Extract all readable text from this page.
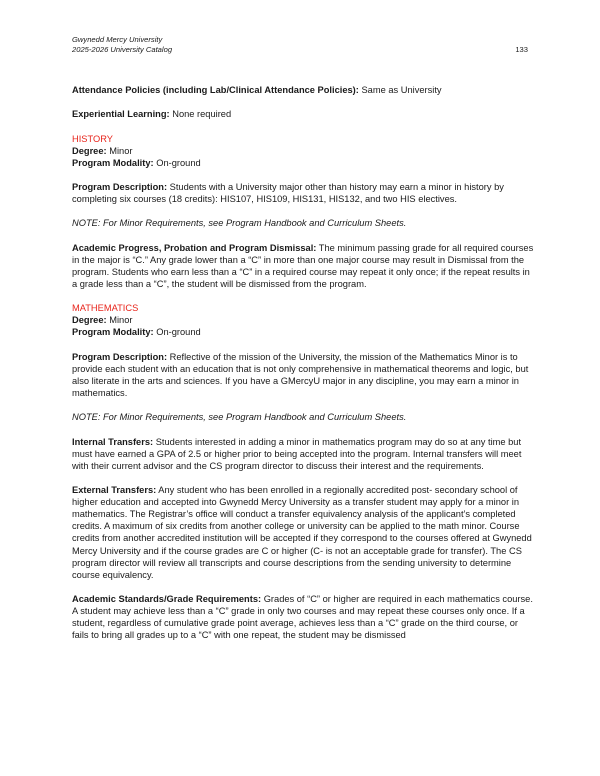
Gwynedd Mercy University
2025-2026 University Catalog	133

Attendance Policies (including Lab/Clinical Attendance Policies): Same as University

Experiential Learning: None required

HISTORY

Degree: Minor

Program Modality: On-ground

Program Description: Students with a University major other than history may earn a minor in history by completing six courses (18 credits): HIS107, HIS109, HIS131, HIS132, and two HIS electives.

NOTE: For Minor Requirements, see Program Handbook and Curriculum Sheets.

Academic Progress, Probation and Program Dismissal: The minimum passing grade for all required courses in the major is “C.” Any grade lower than a “C” in more than one major course may result in Dismissal from the program. Students who earn less than a “C” in a required course may repeat it only once; if the repeat results in a grade less than a “C”, the student will be dismissed from the program.

MATHEMATICS

Degree: Minor

Program Modality: On-ground

Program Description: Reflective of the mission of the University, the mission of the Mathematics Minor is to provide each student with an education that is not only comprehensive in mathematical theorems and logic, but also literate in the arts and sciences. If you have a GMercyU major in any discipline, you may earn a minor in mathematics.

NOTE: For Minor Requirements, see Program Handbook and Curriculum Sheets.

Internal Transfers: Students interested in adding a minor in mathematics program may do so at any time but must have earned a GPA of 2.5 or higher prior to being accepted into the program. Internal transfers will meet with their current advisor and the CS program director to discuss their interest and the requirements.

External Transfers: Any student who has been enrolled in a regionally accredited post- secondary school of higher education and accepted into Gwynedd Mercy University as a transfer student may apply for a minor in mathematics. The Registrar’s office will conduct a transfer equivalency analysis of the applicant’s completed credits. A maximum of six credits from another college or university can be applied to the math minor. Course credits from another accredited institution will be accepted if they correspond to the courses offered at Gwynedd Mercy University and if the course grades are C or higher (C- is not an acceptable grade for transfer). The CS program director will review all transcripts and course descriptions from the sending university to determine course equivalency.

Academic Standards/Grade Requirements: Grades of “C” or higher are required in each mathematics course. A student may achieve less than a “C” grade in only two courses and may repeat these courses only once. If a student, regardless of cumulative grade point average, achieves less than a “C” grade on the third course, or fails to bring all grades up to a “C” with one repeat, the student may be dismissed
